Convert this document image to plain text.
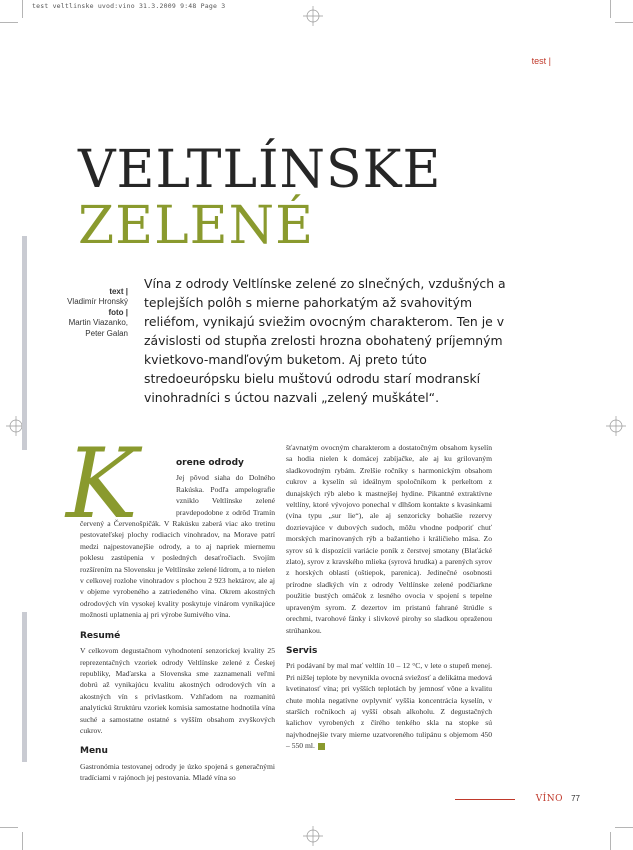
test veltlinske uvod:vino 31.3.2009 9:48 Page 3
test |
VELTLÍNSKE
ZELENÉ
text |
Vladimír Hronský
foto |
Martin Viazanko,
Peter Galan
Vína z odrody Veltlínske zelené zo slnečných, vzdušných a teplejších polôh s mierne pahorkatým až svahovitým reliéfom, vynikajú sviežim ovocným charakterom. Ten je v závislosti od stupňa zrelosti hrozna obohatený príjemným kvietkovo-mandľovým buketom. Aj preto túto stredoeurópsku bielu muštovú odrodu starí modranskí vinohradníci s úctou nazvali „zelený muškátel“.
K	orene odrody

Jej pôvod siaha do Dolného Rakúska. Podľa ampelografie vzniklo Veltlínske zelené pravdepodobne z odrôd Tramín červený a Červenošpičák. V Rakúsku zaberá viac ako tretinu pestovateľskej plochy rodiacich vinohradov, na Morave patrí medzi najpestovanejšie odrody, a to aj napriek miernemu poklesu zastúpenia v posledných desaťročiach. Svojím rozšírením na Slovensku je Veltlínske zelené lídrom, a to nielen v celkovej rozlohe vinohradov s plochou 2 923 hektárov, ale aj v objeme vyrobeného a zatriedeného vína. Okrem akostných odrodových vín vysokej kvality poskytuje vinárom vynikajúce možnosti uplatnenia aj pri výrobe šumivého vína.

Resumé

V celkovom degustačnom vyhodnotení senzorickej kvality 25 reprezentačných vzoriek odrody Veltlínske zelené z Českej republiky, Maďarska a Slovenska sme zaznamenali veľmi dobrú až vynikajúcu kvalitu akostných odrodových vín a akostných vín s prívlastkom. Vzhľadom na rozmanitú analytickú štruktúru vzoriek komisia samostatne hodnotila vína suché a samostatne ostatné s vyšším obsahom zvyškových cukrov.

Menu

Gastronómia testovanej odrody je úzko spojená s generačnými tradíciami v rajónoch jej pestovania. Mladé vína so

šťavnatým ovocným charakterom a dostatočným obsahom kyselín sa hodia nielen k domácej zabíjačke, ale aj ku grilovaným sladkovodným rybám. Zrelšie ročníky s harmonickým obsahom cukrov a kyselín sú ideálnym spoločníkom k perkeltom z dunajských rýb alebo k mastnejšej hydine. Pikantné extraktívne veltlíny, ktoré vývojovo ponechal v dlhšom kontakte s kvasinkami (vína typu „sur lie“), ale aj senzoricky bohatšie rezervy dozrievajúce v dubových sudoch, môžu vhodne podporiť chuť morských marinovaných rýb a bažantieho i králičieho mäsa. Zo syrov sú k dispozícii variácie poník z čerstvej smotany (Blaťácké zlato), syrov z kravského mlieka (syrová hrudka) a parených syrov z horských oblastí (oštiepok, parenica). Jedinečné osobnosti prírodne sladkých vín z odrody Veltlínske zelené podčiarkne použitie bustých omáčok z lesného ovocia v spojení s tepelne upraveným syrom. Z dezertov im pristanú fahrané štrúdle s orechmi, tvarohové fánky i slivkové pirohy so sladkou opraženou strúhankou.

Servis

Pri podávaní by mal mať veltlín 10 – 12 °C, v lete o stupeň menej. Pri nižšej teplote by nevynikla ovocná sviežosť a delikátna medová kvetinatosť vína; pri vyšších teplotách by jemnosť vône a kvalitu chute mohla negatívne ovplyvniť vyššia koncentrácia kyselín, v starších ročníkoch aj vyšší obsah alkoholu. Z degustačných kalichov vyrobených z čírého tenkého skla na stopke sú najvhodnejšie tvary mierne uzatvoreného tulipánu s objemom 450 – 550 ml.

VÍNO 77
